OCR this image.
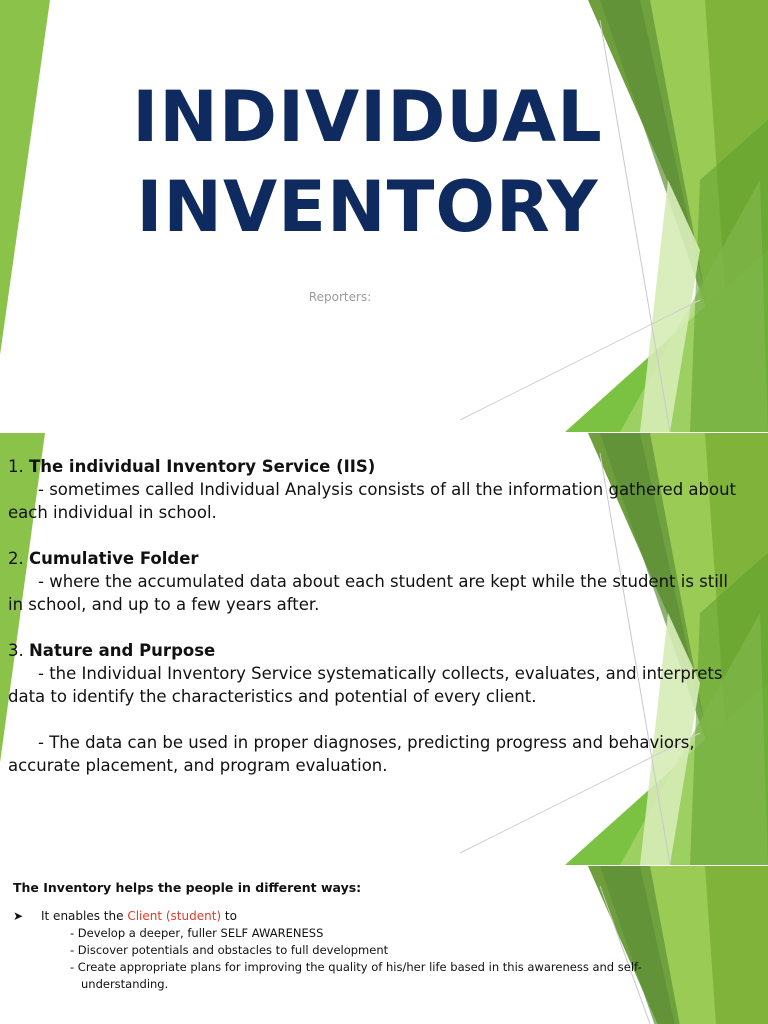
INDIVIDUAL
INVENTORY
Reporters:

1. The individual Inventory Service (IIS)

- sometimes called Individual Analysis consists of all the information gathered about

each individual in school.

2. Cumulative Folder

- where the accumulated data about each student are kept while the student is still

in school, and up to a few years after.

3. Nature and Purpose

- the Individual Inventory Service systematically collects, evaluates, and interprets

data to identify the characteristics and potential of every client.

- The data can be used in proper diagnoses, predicting progress and behaviors,

accurate placement, and program evaluation.

The Inventory helps the people in different ways:
➤ It enables the Client (student) to
- Develop a deeper, fuller SELF AWARENESS
- Discover potentials and obstacles to full development
- Create appropriate plans for improving the quality of his/her life based in this awareness and self-
understanding.
